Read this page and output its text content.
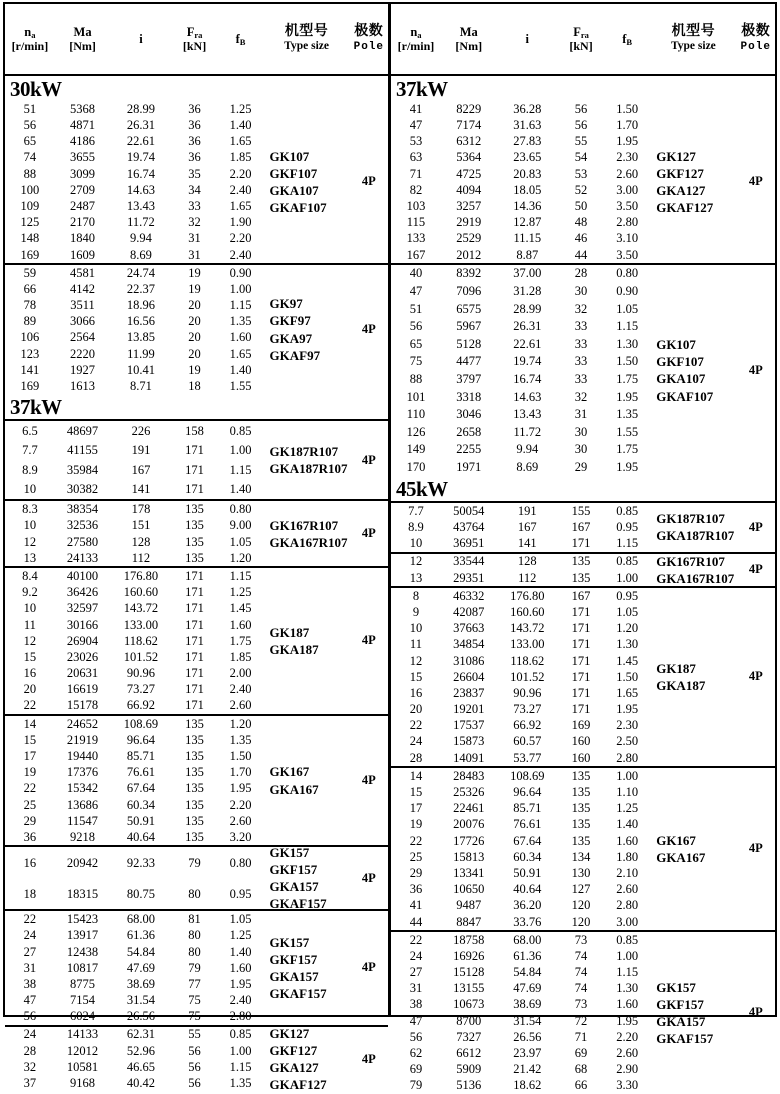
$n_a$
[r/min]
Ma
[Nm]
i
$F_{ra}$
[kN]
$f_B$
机型号
Type size
极数
Pole
30kW
51	5368	28.99	36	1.25
56	4871	26.31	36	1.40
65	4186	22.61	36	1.65
74	3655	19.74	36	1.85
88	3099	16.74	35	2.20
100	2709	14.63	34	2.40
109	2487	13.43	33	1.65
125	2170	11.72	32	1.90
148	1840	9.94	31	2.20
169	1609	8.69	31	2.40
GK107
GKF107
GKA107
GKAF107
4P
59	4581	24.74	19	0.90
66	4142	22.37	19	1.00
78	3511	18.96	20	1.15
89	3066	16.56	20	1.35
106	2564	13.85	20	1.60
123	2220	11.99	20	1.65
141	1927	10.41	19	1.40
169	1613	8.71	18	1.55
GK97
GKF97
GKA97
GKAF97
4P
37kW
6.5	48697	226	158	0.85
7.7	41155	191	171	1.00
8.9	35984	167	171	1.15
10	30382	141	171	1.40
GK187R107
GKA187R107
4P
8.3	38354	178	135	0.80
10	32536	151	135	9.00
12	27580	128	135	1.05
13	24133	112	135	1.20
GK167R107
GKA167R107
4P
8.4	40100	176.80	171	1.15
9.2	36426	160.60	171	1.25
10	32597	143.72	171	1.45
11	30166	133.00	171	1.60
12	26904	118.62	171	1.75
15	23026	101.52	171	1.85
16	20631	90.96	171	2.00
20	16619	73.27	171	2.40
22	15178	66.92	171	2.60
GK187
GKA187
4P
14	24652	108.69	135	1.20
15	21919	96.64	135	1.35
17	19440	85.71	135	1.50
19	17376	76.61	135	1.70
22	15342	67.64	135	1.95
25	13686	60.34	135	2.20
29	11547	50.91	135	2.60
36	9218	40.64	135	3.20
GK167
GKA167
4P
16	20942	92.33	79	0.80
18	18315	80.75	80	0.95
GK157
GKF157
GKA157
GKAF157
4P
22	15423	68.00	81	1.05
24	13917	61.36	80	1.25
27	12438	54.84	80	1.40
31	10817	47.69	79	1.60
38	8775	38.69	77	1.95
47	7154	31.54	75	2.40
56	6024	26.56	75	2.80
GK157
GKF157
GKA157
GKAF157
4P
24	14133	62.31	55	0.85
28	12012	52.96	56	1.00
32	10581	46.65	56	1.15
37	9168	40.42	56	1.35
GK127
GKF127
GKA127
GKAF127
4P
$n_a$
[r/min]
Ma
[Nm]
i
$F_{ra}$
[kN]
$f_B$
机型号
Type size
极数
Pole
37kW
41	8229	36.28	56	1.50
47	7174	31.63	56	1.70
53	6312	27.83	55	1.95
63	5364	23.65	54	2.30
71	4725	20.83	53	2.60
82	4094	18.05	52	3.00
103	3257	14.36	50	3.50
115	2919	12.87	48	2.80
133	2529	11.15	46	3.10
167	2012	8.87	44	3.50
GK127
GKF127
GKA127
GKAF127
4P
40	8392	37.00	28	0.80
47	7096	31.28	30	0.90
51	6575	28.99	32	1.05
56	5967	26.31	33	1.15
65	5128	22.61	33	1.30
75	4477	19.74	33	1.50
88	3797	16.74	33	1.75
101	3318	14.63	32	1.95
110	3046	13.43	31	1.35
126	2658	11.72	30	1.55
149	2255	9.94	30	1.75
170	1971	8.69	29	1.95
GK107
GKF107
GKA107
GKAF107
4P
45kW
7.7	50054	191	155	0.85
8.9	43764	167	167	0.95
10	36951	141	171	1.15
GK187R107
GKA187R107
4P
12	33544	128	135	0.85
13	29351	112	135	1.00
GK167R107
GKA167R107
4P
8	46332	176.80	167	0.95
9	42087	160.60	171	1.05
10	37663	143.72	171	1.20
11	34854	133.00	171	1.30
12	31086	118.62	171	1.45
15	26604	101.52	171	1.50
16	23837	90.96	171	1.65
20	19201	73.27	171	1.95
22	17537	66.92	169	2.30
24	15873	60.57	160	2.50
28	14091	53.77	160	2.80
GK187
GKA187
4P
14	28483	108.69	135	1.00
15	25326	96.64	135	1.10
17	22461	85.71	135	1.25
19	20076	76.61	135	1.40
22	17726	67.64	135	1.60
25	15813	60.34	134	1.80
29	13341	50.91	130	2.10
36	10650	40.64	127	2.60
41	9487	36.20	120	2.80
44	8847	33.76	120	3.00
GK167
GKA167
4P
22	18758	68.00	73	0.85
24	16926	61.36	74	1.00
27	15128	54.84	74	1.15
31	13155	47.69	74	1.30
38	10673	38.69	73	1.60
47	8700	31.54	72	1.95
56	7327	26.56	71	2.20
62	6612	23.97	69	2.60
69	5909	21.42	68	2.90
79	5136	18.62	66	3.30
GK157
GKF157
GKA157
GKAF157
4P
